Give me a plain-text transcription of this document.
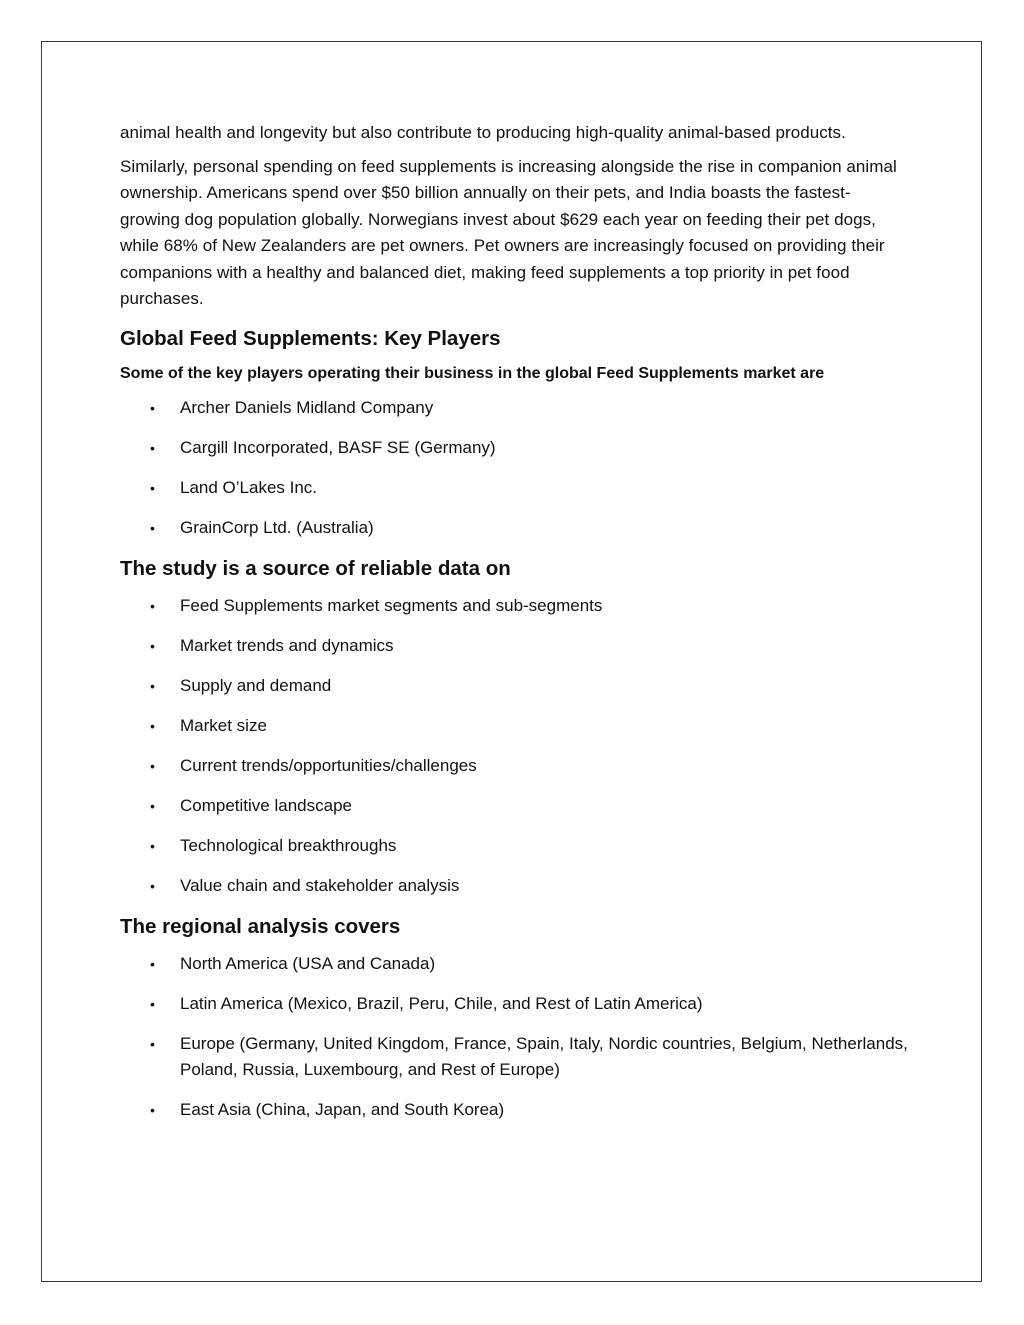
animal health and longevity but also contribute to producing high-quality animal-based products.

Similarly, personal spending on feed supplements is increasing alongside the rise in companion animal ownership. Americans spend over $50 billion annually on their pets, and India boasts the fastest-growing dog population globally. Norwegians invest about $629 each year on feeding their pet dogs, while 68% of New Zealanders are pet owners. Pet owners are increasingly focused on providing their companions with a healthy and balanced diet, making feed supplements a top priority in pet food purchases.

Global Feed Supplements: Key Players

Some of the key players operating their business in the global Feed Supplements market are

• Archer Daniels Midland Company
• Cargill Incorporated, BASF SE (Germany)
• Land O’Lakes Inc.
• GrainCorp Ltd. (Australia)
The study is a source of reliable data on
• Feed Supplements market segments and sub-segments
• Market trends and dynamics
• Supply and demand
• Market size
• Current trends/opportunities/challenges
• Competitive landscape
• Technological breakthroughs
• Value chain and stakeholder analysis
The regional analysis covers
• North America (USA and Canada)
• Latin America (Mexico, Brazil, Peru, Chile, and Rest of Latin America)
• Europe (Germany, United Kingdom, France, Spain, Italy, Nordic countries, Belgium, Netherlands, Poland, Russia, Luxembourg, and Rest of Europe)
• East Asia (China, Japan, and South Korea)
